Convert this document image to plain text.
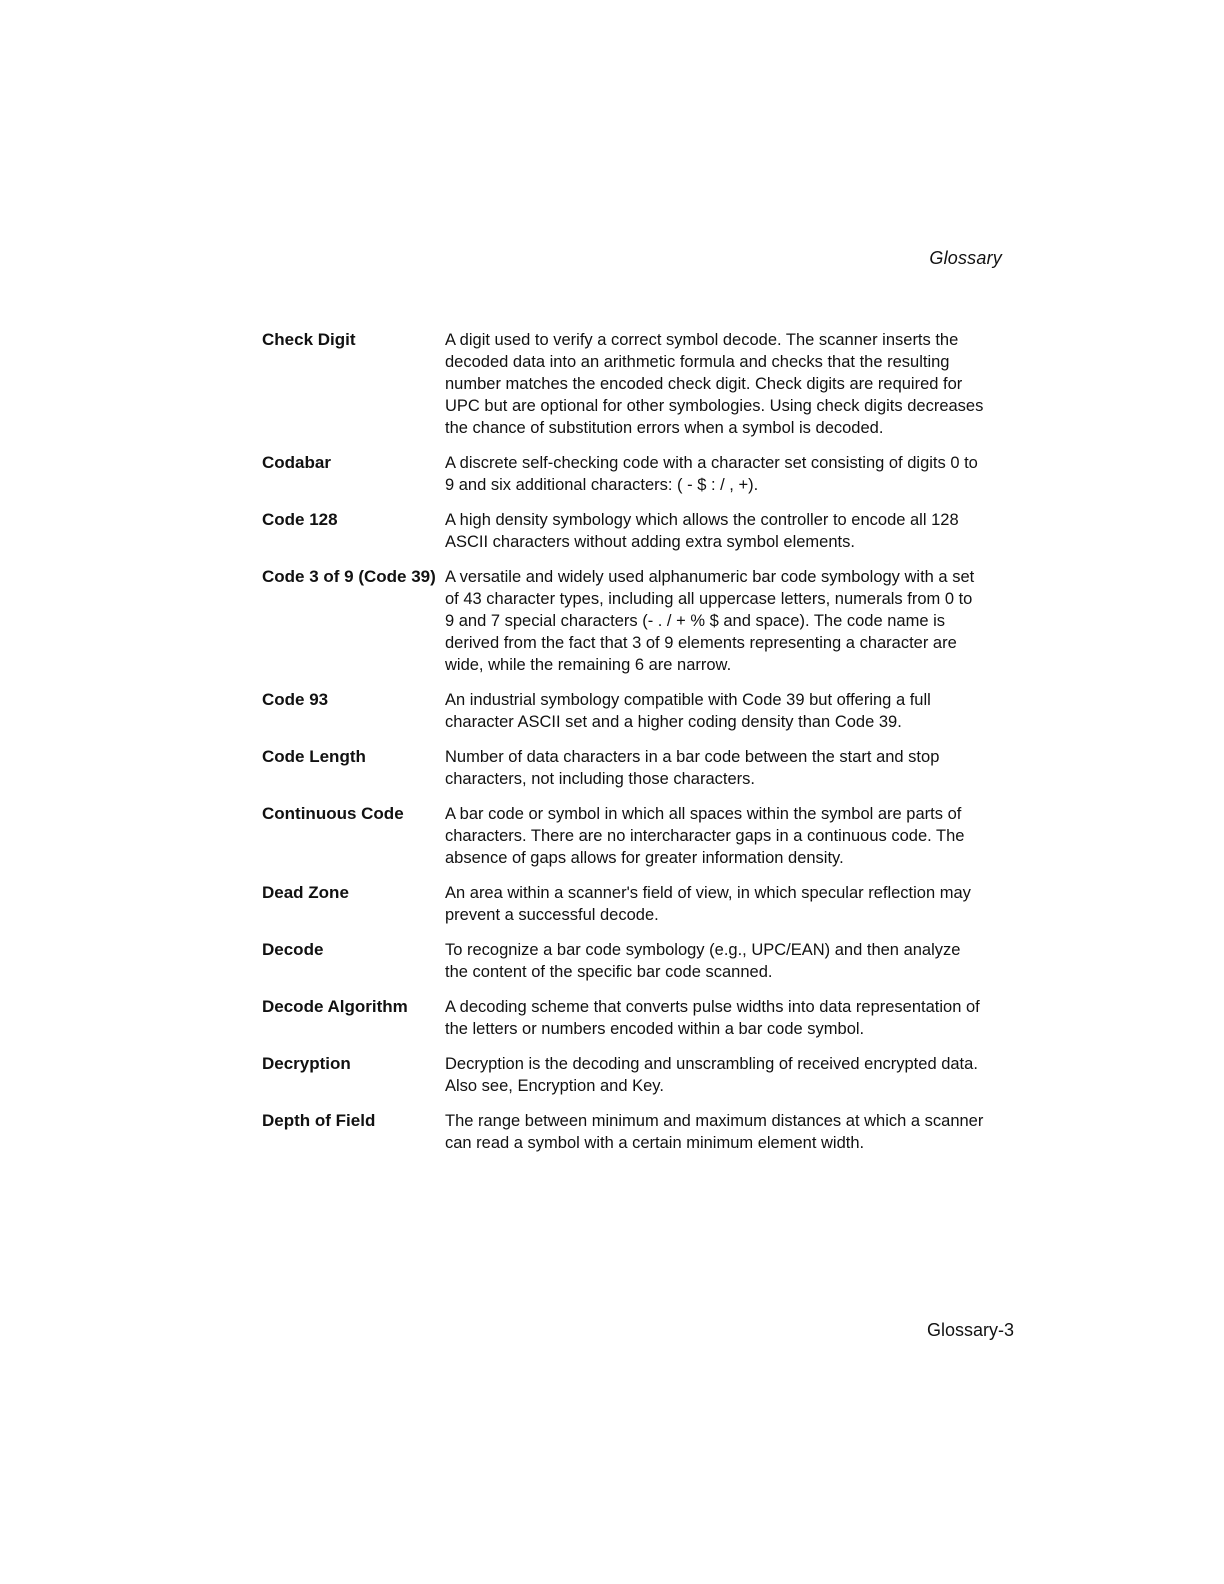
Glossary
Check Digit	A digit used to verify a correct symbol decode. The scanner inserts the decoded data into an arithmetic formula and checks that the resulting number matches the encoded check digit. Check digits are required for UPC but are optional for other symbologies. Using check digits decreases the chance of substitution errors when a symbol is decoded.
Codabar	A discrete self-checking code with a character set consisting of digits 0 to 9 and six additional characters: ( - $ : / , +).
Code 128	A high density symbology which allows the controller to encode all 128 ASCII characters without adding extra symbol elements.
Code 3 of 9 (Code 39) A versatile and widely used alphanumeric bar code symbology with a set of 43 character types, including all uppercase letters, numerals from 0 to 9 and 7 special characters (- . / + % $ and space). The code name is derived from the fact that 3 of 9 elements representing a character are wide, while the remaining 6 are narrow.
Code 93	An industrial symbology compatible with Code 39 but offering a full character ASCII set and a higher coding density than Code 39.
Code Length	Number of data characters in a bar code between the start and stop characters, not including those characters.
Continuous Code	A bar code or symbol in which all spaces within the symbol are parts of characters. There are no intercharacter gaps in a continuous code. The absence of gaps allows for greater information density.
Dead Zone	An area within a scanner's field of view, in which specular reflection may prevent a successful decode.
Decode	To recognize a bar code symbology (e.g., UPC/EAN) and then analyze the content of the specific bar code scanned.
Decode Algorithm	A decoding scheme that converts pulse widths into data representation of the letters or numbers encoded within a bar code symbol.
Decryption	Decryption is the decoding and unscrambling of received encrypted data. Also see, Encryption and Key.
Depth of Field	The range between minimum and maximum distances at which a scanner can read a symbol with a certain minimum element width.
Glossary-3
